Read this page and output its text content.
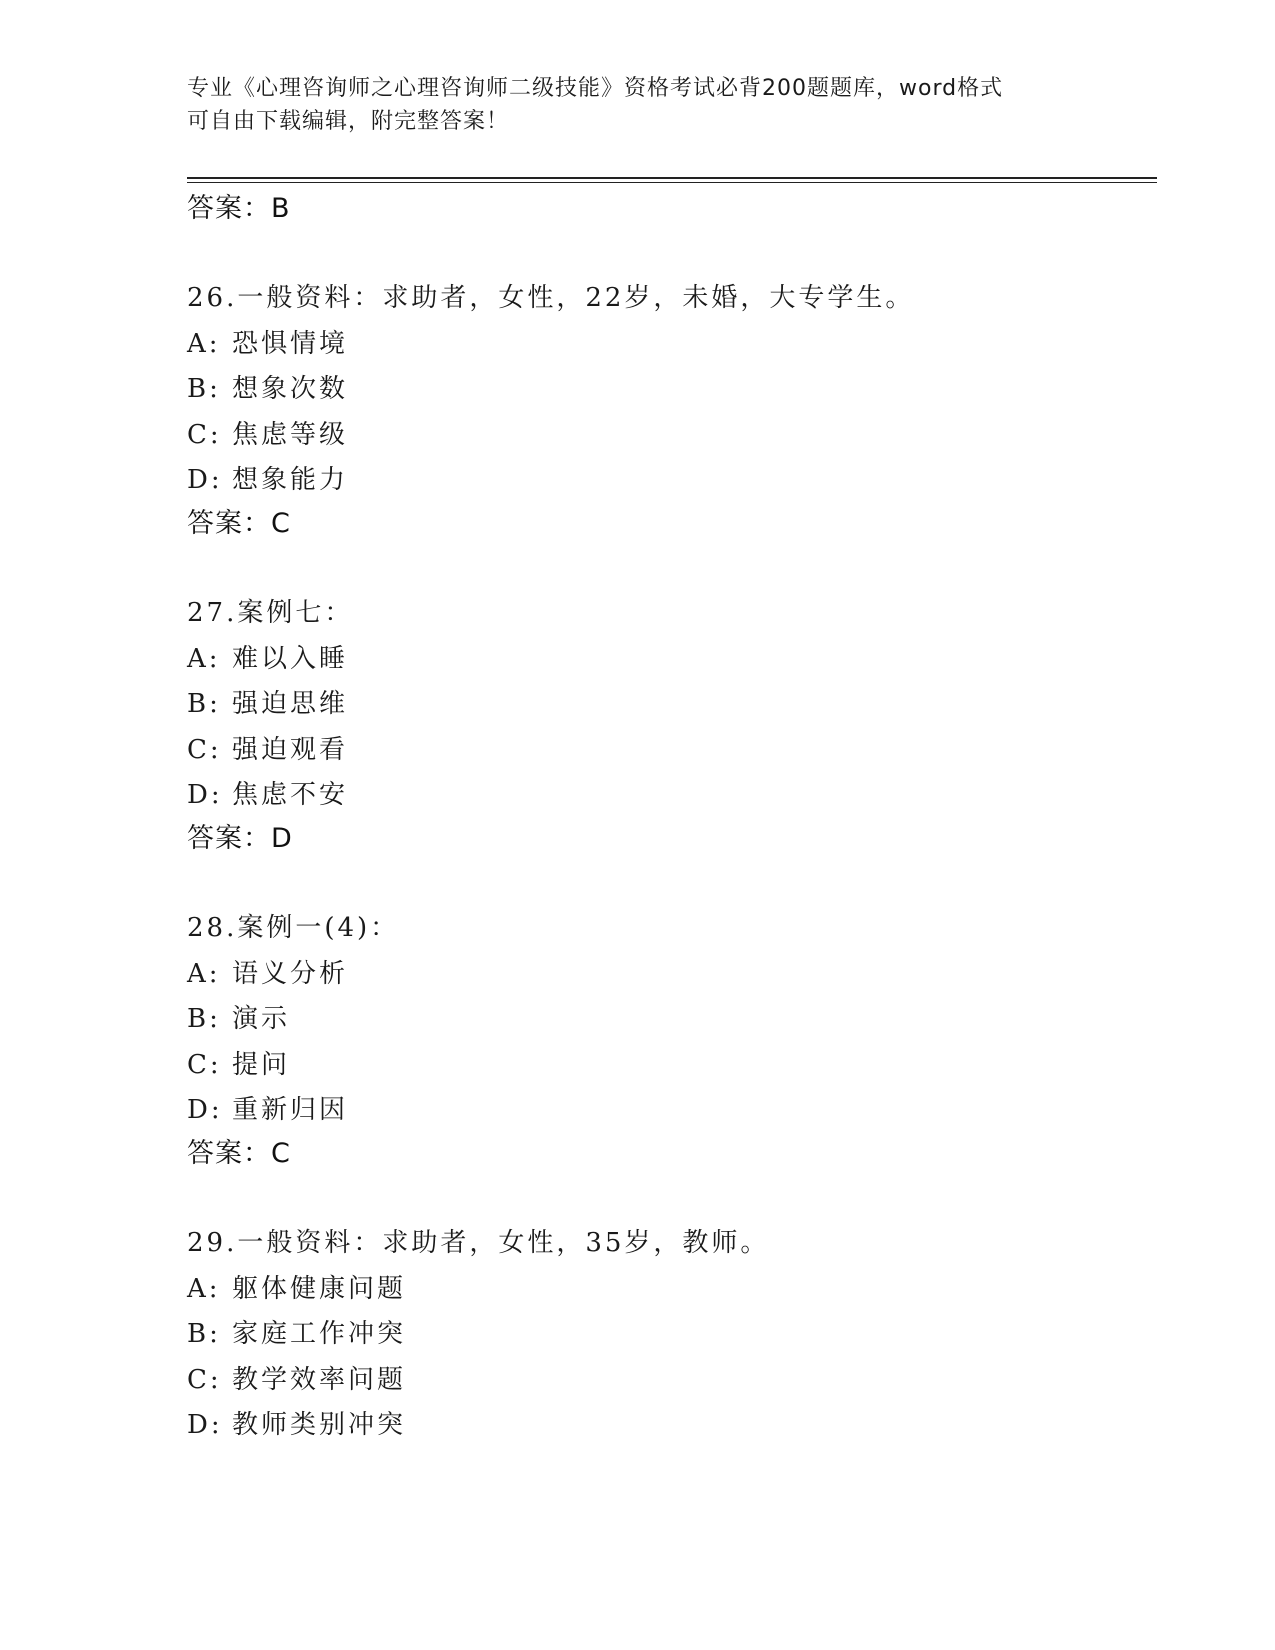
专业《心理咨询师之心理咨询师二级技能》资格考试必背200题题库，word格式
可自由下载编辑，附完整答案！
答案：B
26.一般资料：求助者，女性，22岁，未婚，大专学生。
A: 恐惧情境
B: 想象次数
C: 焦虑等级
D: 想象能力
答案：C
27.案例七：
A: 难以入睡
B: 强迫思维
C: 强迫观看
D: 焦虑不安
答案：D
28.案例一(4)：
A: 语义分析
B: 演示
C: 提问
D: 重新归因
答案：C
29.一般资料：求助者，女性，35岁，教师。
A: 躯体健康问题
B: 家庭工作冲突
C: 教学效率问题
D: 教师类别冲突
